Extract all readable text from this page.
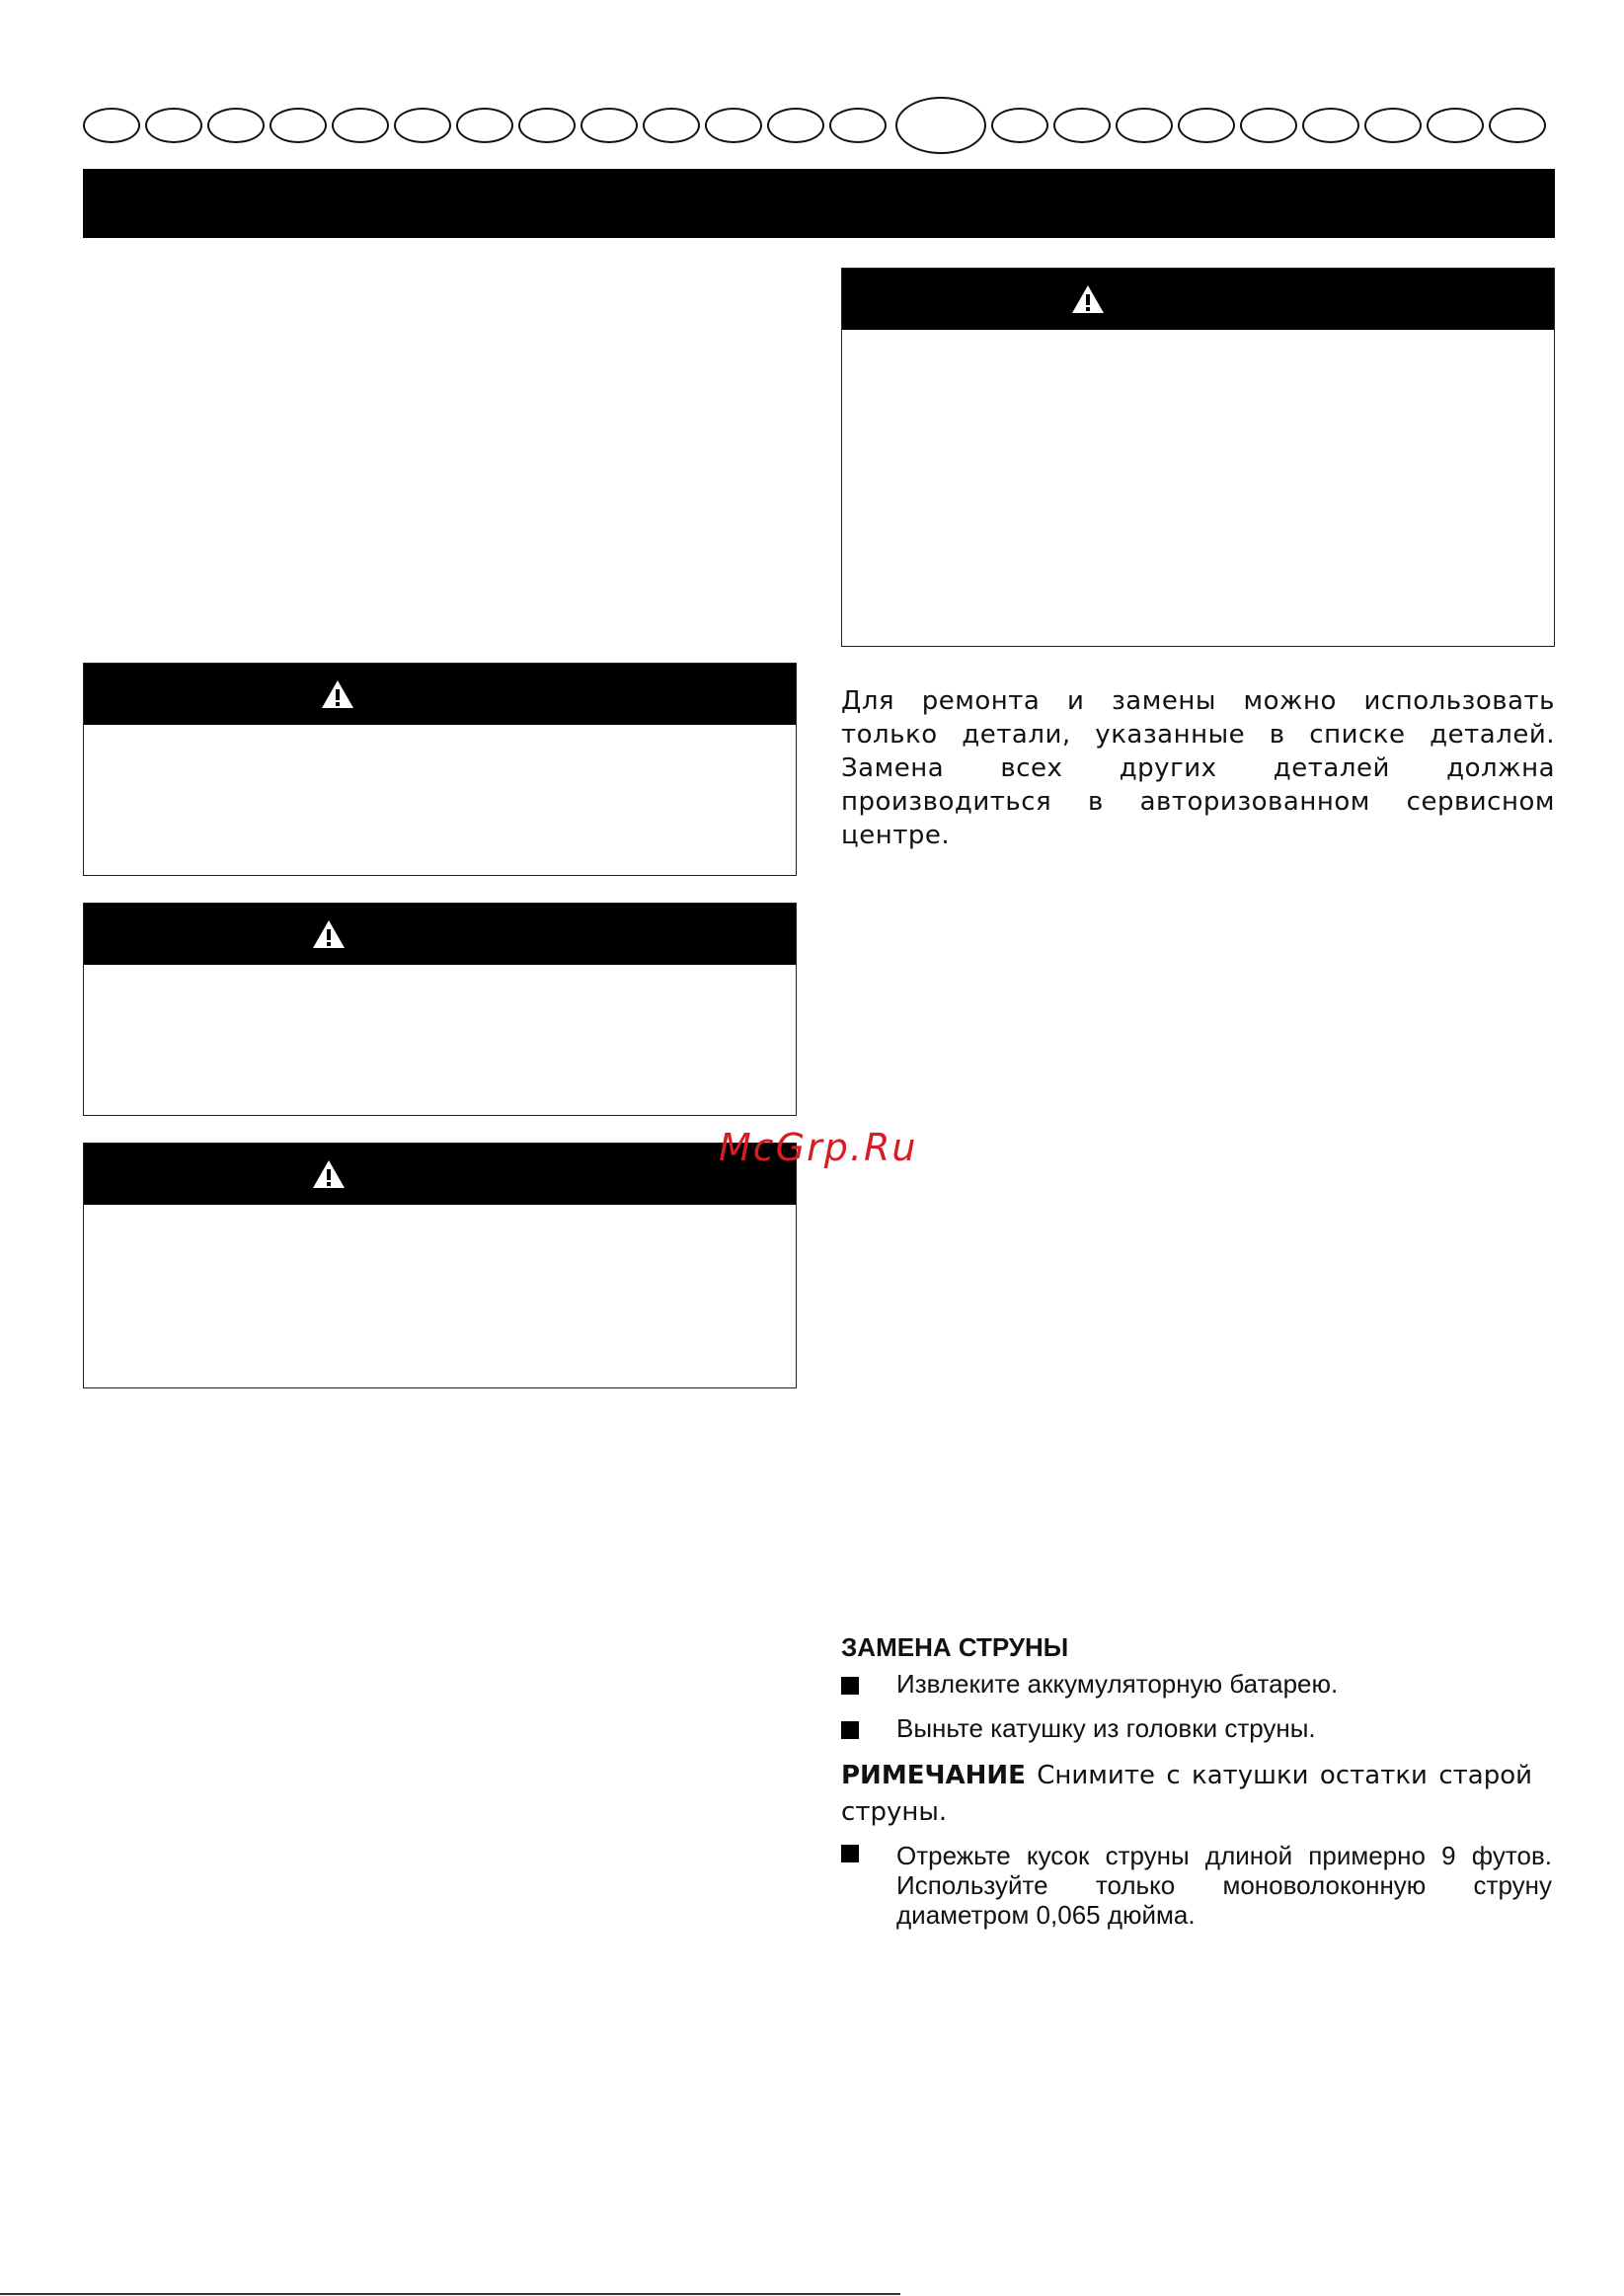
Для ремонта и замены можно использовать только детали, указанные в списке деталей. Замена всех других деталей должна производиться в авторизованном сервисном центре.

McGrp.Ru
ЗАМЕНА СТРУНЫ
Извлеките аккумуляторную батарею.
Выньте катушку из головки струны.
РИМЕЧАНИЕ Снимите с катушки остатки старой струны.
Отрежьте кусок струны длиной примерно 9 футов. Используйте только моноволоконную струну диаметром 0,065 дюйма.
